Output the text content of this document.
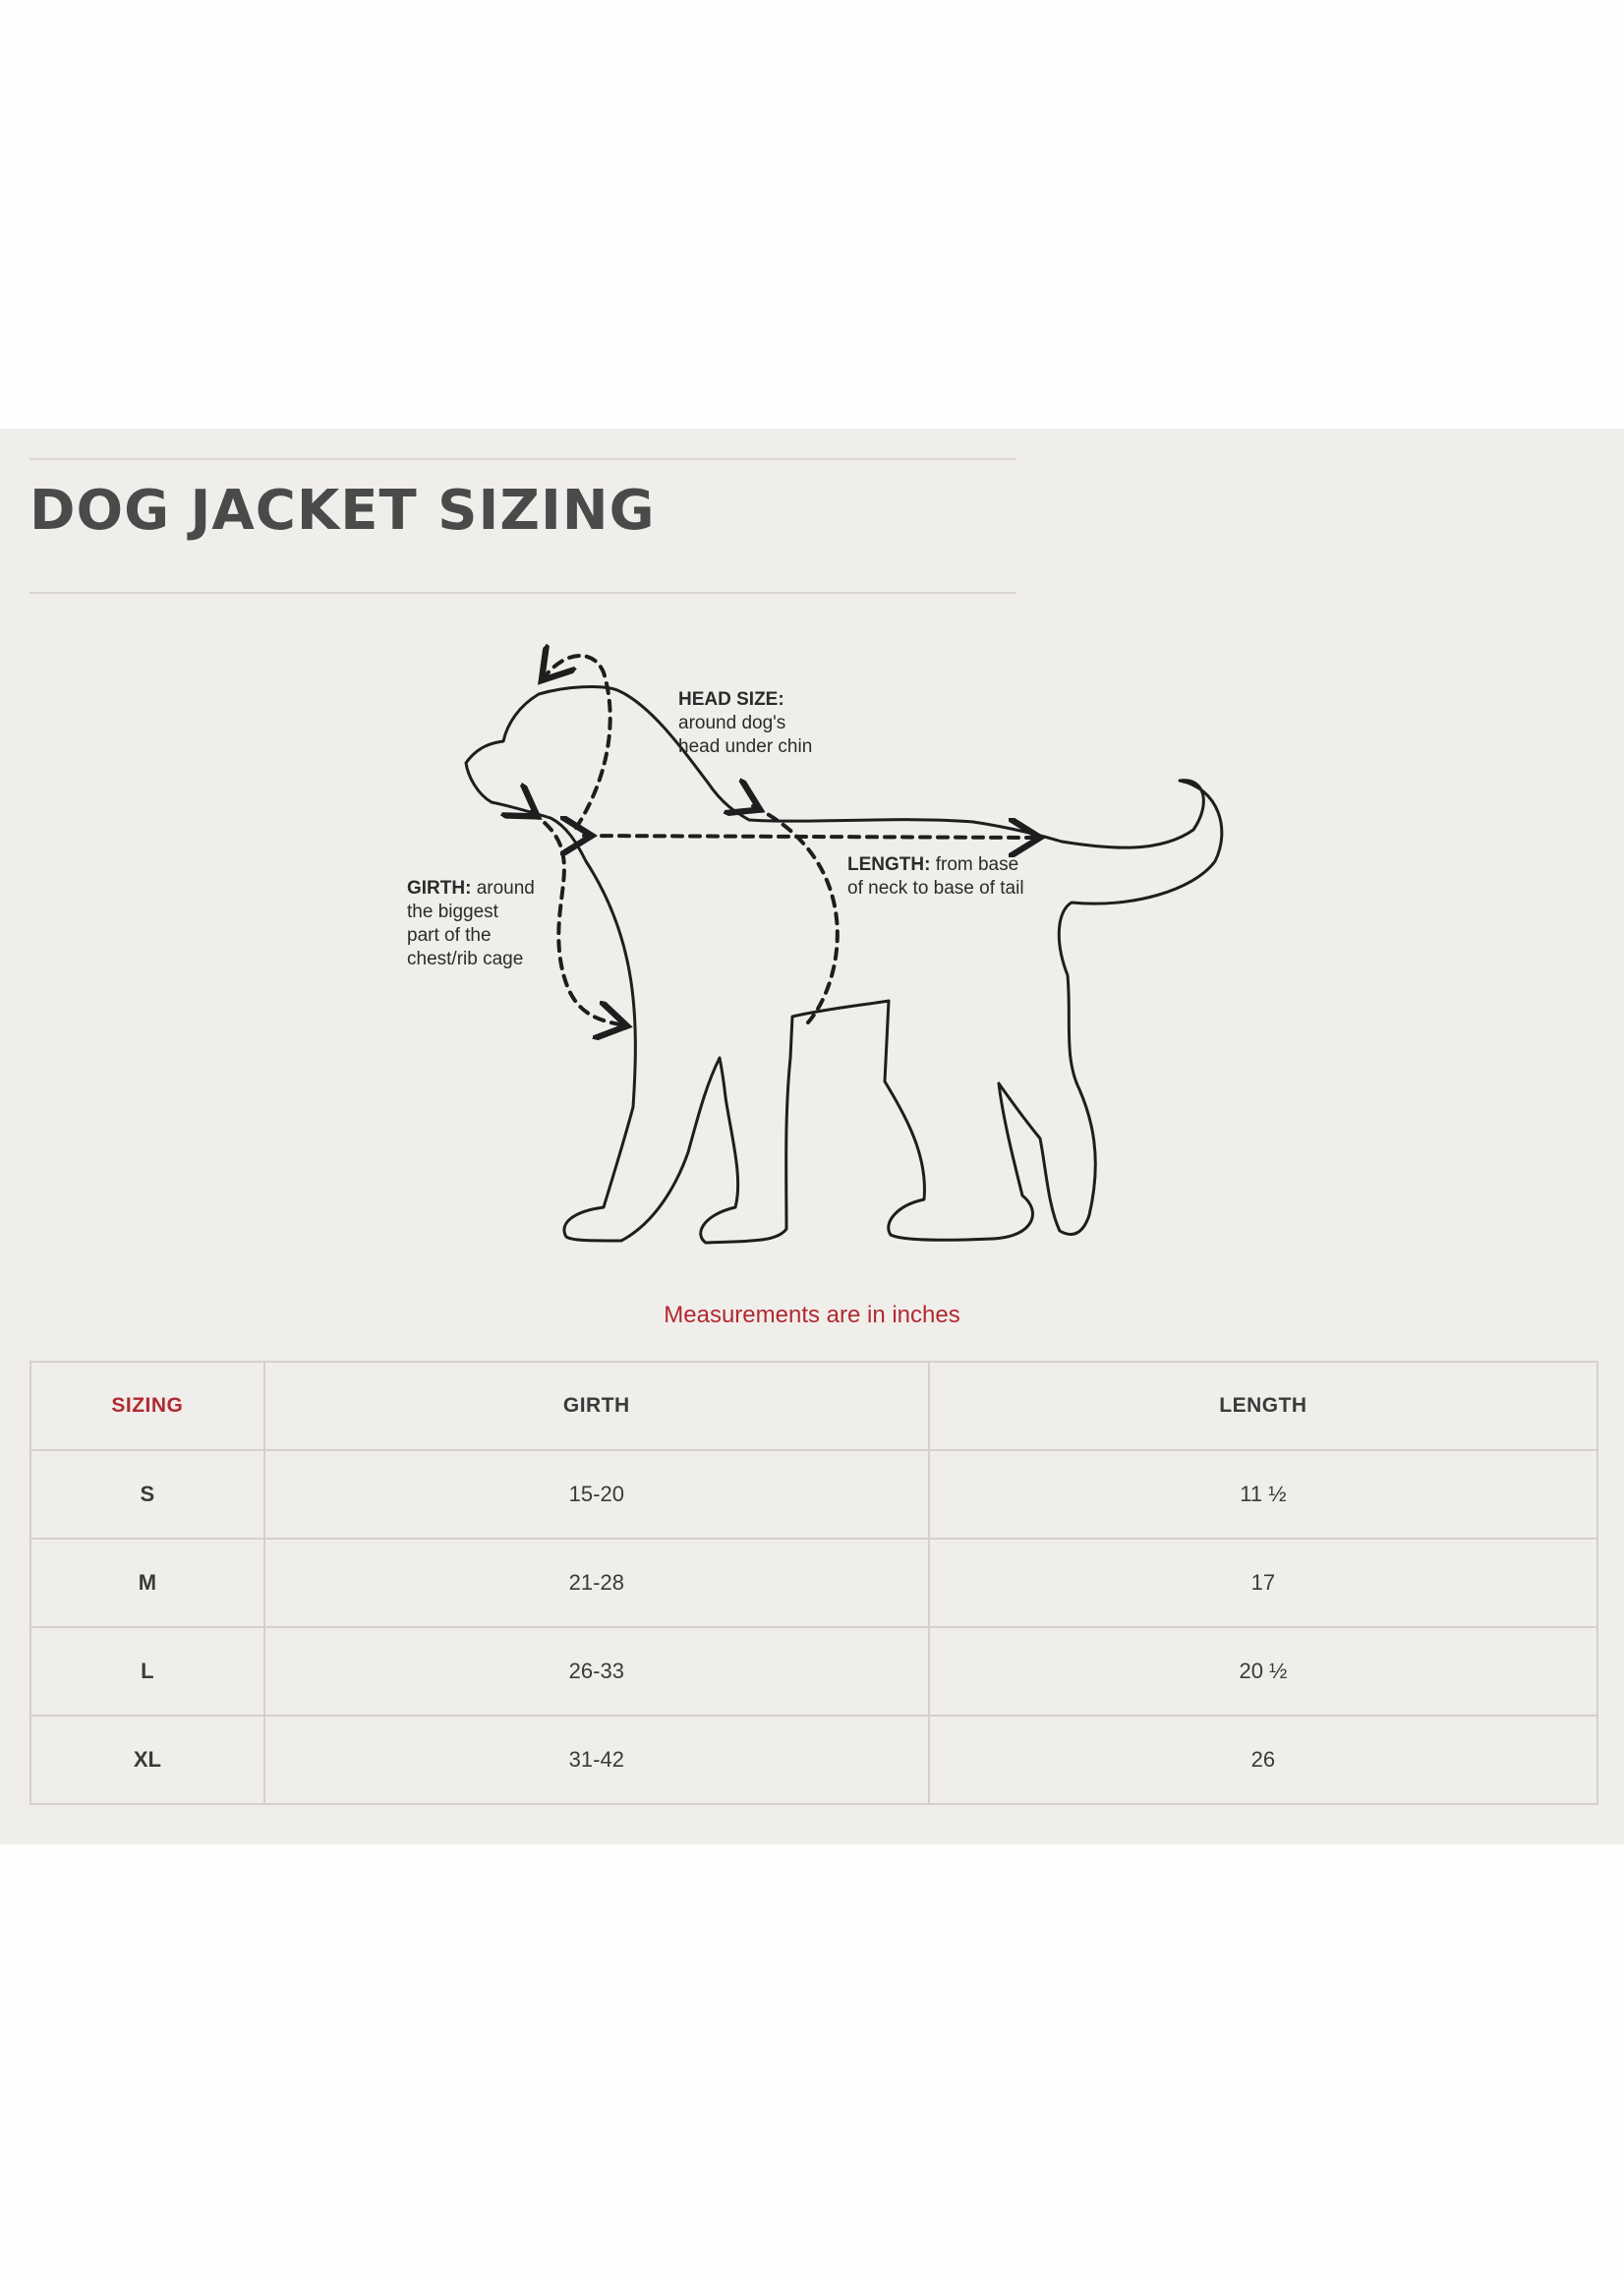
DOG JACKET SIZING
HEAD SIZE:
around dog's
head under chin
LENGTH: from base
of neck to base of tail
GIRTH: around
the biggest
part of the
chest/rib cage
Measurements are in inches
SIZING	GIRTH	LENGTH
S	15-20	11 ½
M	21-28	17
L	26-33	20 ½
XL	31-42	26
